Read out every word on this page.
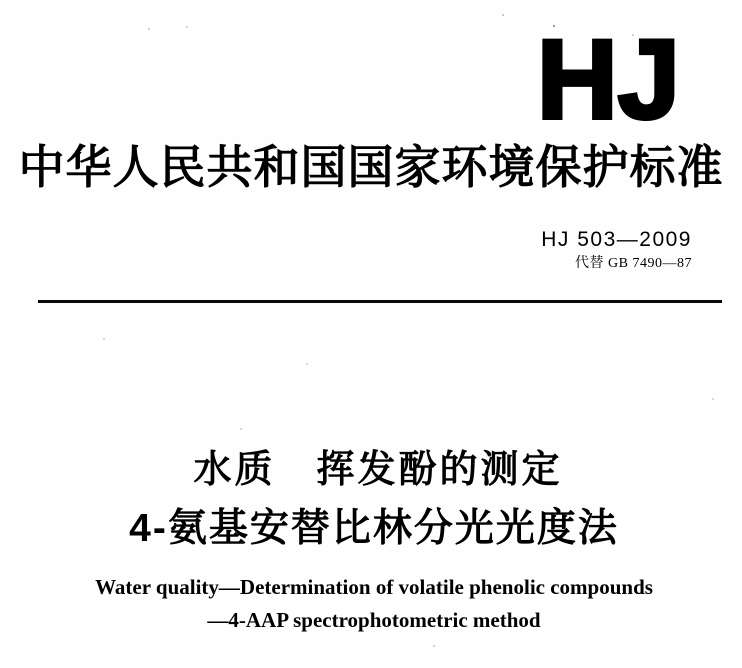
HJ
中华人民共和国国家环境保护标准
HJ 503—2009
代替 GB 7490—87
水质　挥发酚的测定
4-氨基安替比林分光光度法
Water quality—Determination of volatile phenolic compounds
—4-AAP spectrophotometric method
